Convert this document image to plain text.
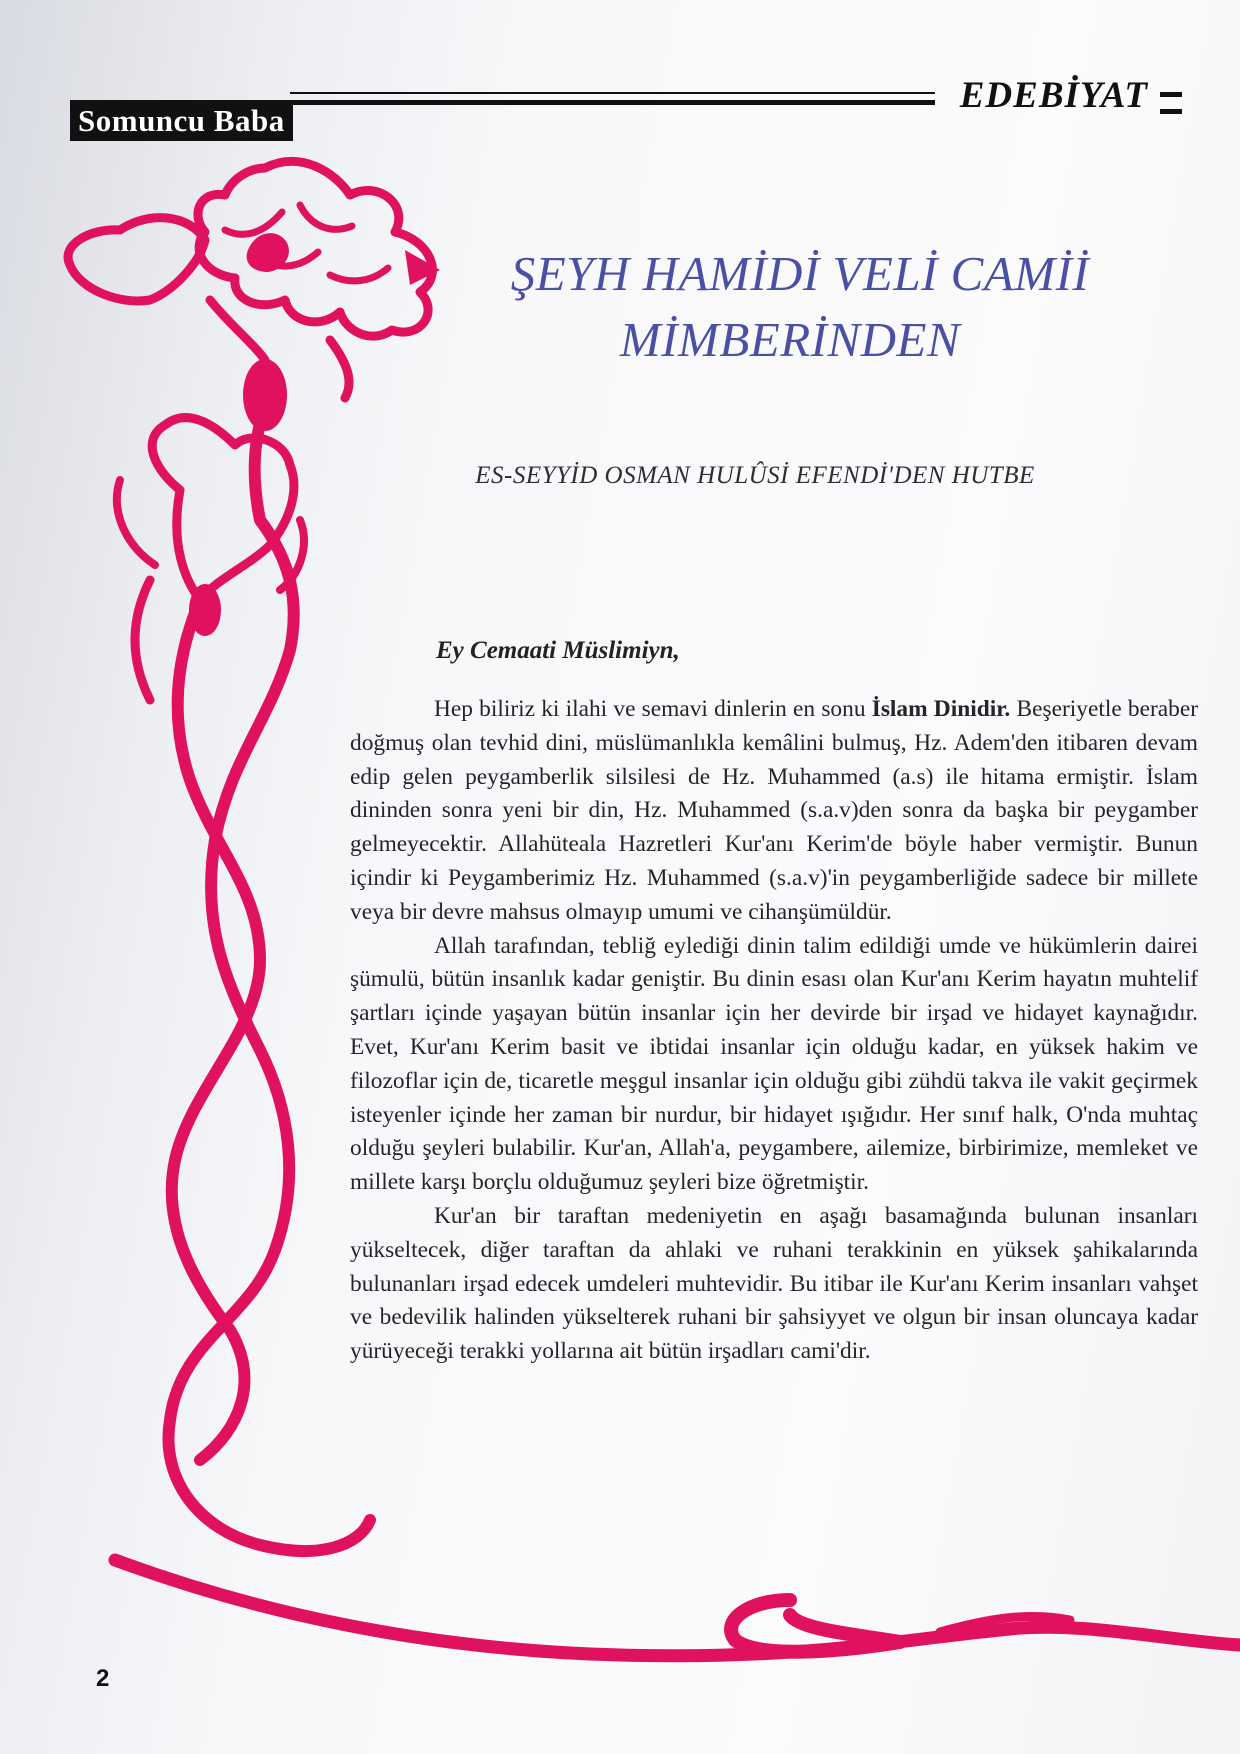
Somuncu Baba
EDEBİYAT
ŞEYH HAMİDİ VELİ CAMİİ
MİMBERİNDEN
ES-SEYYİD OSMAN HULÛSİ EFENDİ'DEN HUTBE
Ey Cemaati Müslimiyn,

Hep biliriz ki ilahi ve semavi dinlerin en sonu İslam Dinidir. Beşeriyetle beraber doğmuş olan tevhid dini, müslümanlıkla kemâlini bulmuş, Hz. Adem'den itibaren devam edip gelen peygamberlik silsilesi de Hz. Muhammed (a.s) ile hitama ermiştir. İslam dininden sonra yeni bir din, Hz. Muhammed (s.a.v)den sonra da başka bir peygamber gelmeyecektir. Allahüteala Hazretleri Kur'anı Kerim'de böyle haber vermiştir. Bunun içindir ki Peygamberimiz Hz. Muhammed (s.a.v)'in peygamberliğide sadece bir millete veya bir devre mahsus olmayıp umumi ve cihanşümüldür.

Allah tarafından, tebliğ eylediği dinin talim edildiği umde ve hükümlerin dairei şümulü, bütün insanlık kadar geniştir. Bu dinin esası olan Kur'anı Kerim hayatın muhtelif şartları içinde yaşayan bütün insanlar için her devirde bir irşad ve hidayet kaynağıdır. Evet, Kur'anı Kerim basit ve ibtidai insanlar için olduğu kadar, en yüksek hakim ve filozoflar için de, ticaretle meşgul insanlar için olduğu gibi zühdü takva ile vakit geçirmek isteyenler içinde her zaman bir nurdur, bir hidayet ışığıdır. Her sınıf halk, O'nda muhtaç olduğu şeyleri bulabilir. Kur'an, Allah'a, peygambere, ailemize, birbirimize, memleket ve millete karşı borçlu olduğumuz şeyleri bize öğretmiştir.

Kur'an bir taraftan medeniyetin en aşağı basamağında bulunan insanları yükseltecek, diğer taraftan da ahlaki ve ruhani terakkinin en yüksek şahikalarında bulunanları irşad edecek umdeleri muhtevidir. Bu itibar ile Kur'anı Kerim insanları vahşet ve bedevilik halinden yükselterek ruhani bir şahsiyyet ve olgun bir insan oluncaya kadar yürüyeceği terakki yollarına ait bütün irşadları cami'dir.

2
